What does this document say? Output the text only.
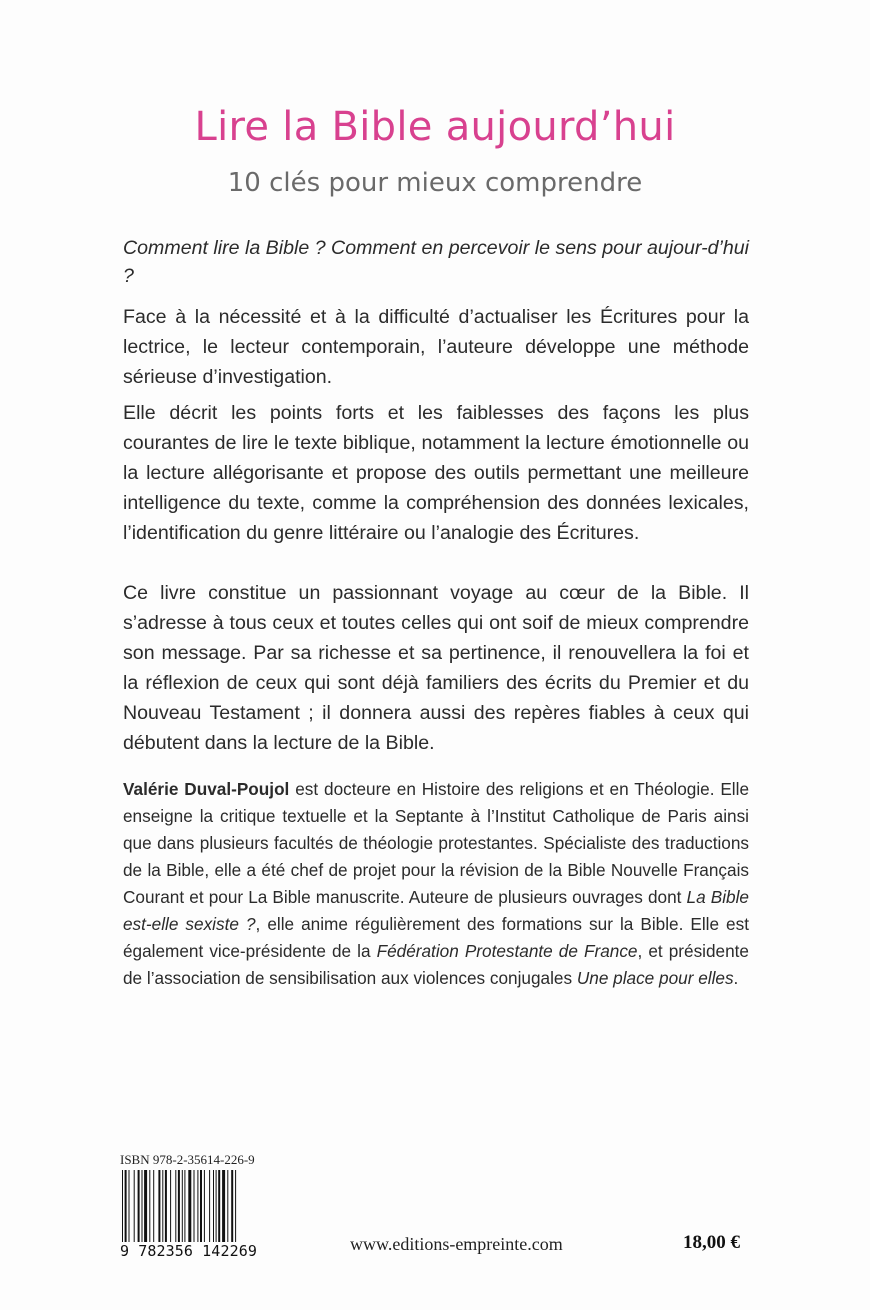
Lire la Bible aujourd’hui
10 clés pour mieux comprendre
Comment lire la Bible ? Comment en percevoir le sens pour aujour-d’hui ?

Face à la nécessité et à la difficulté d’actualiser les Écritures pour la lectrice, le lecteur contemporain, l’auteure développe une méthode sérieuse d’investigation.

Elle décrit les points forts et les faiblesses des façons les plus courantes de lire le texte biblique, notamment la lecture émotionnelle ou la lecture allégorisante et propose des outils permettant une meilleure intelligence du texte, comme la compréhension des données lexicales, l’identification du genre littéraire ou l’analogie des Écritures.

Ce livre constitue un passionnant voyage au cœur de la Bible. Il s’adresse à tous ceux et toutes celles qui ont soif de mieux comprendre son message. Par sa richesse et sa pertinence, il renouvellera la foi et la réflexion de ceux qui sont déjà familiers des écrits du Premier et du Nouveau Testament ; il donnera aussi des repères fiables à ceux qui débutent dans la lecture de la Bible.

Valérie Duval-Poujol est docteure en Histoire des religions et en Théologie. Elle enseigne la critique textuelle et la Septante à l’Institut Catholique de Paris ainsi que dans plusieurs facultés de théologie protestantes. Spécialiste des traductions de la Bible, elle a été chef de projet pour la révision de la Bible Nouvelle Français Courant et pour La Bible manuscrite. Auteure de plusieurs ouvrages dont La Bible est-elle sexiste ?, elle anime régulièrement des formations sur la Bible. Elle est également vice-présidente de la Fédération Protestante de France, et présidente de l’association de sensibilisation aux violences conjugales Une place pour elles.
ISBN 978-2-35614-226-9
9 782356 142269	www.editions-empreinte.com	18,00 €
